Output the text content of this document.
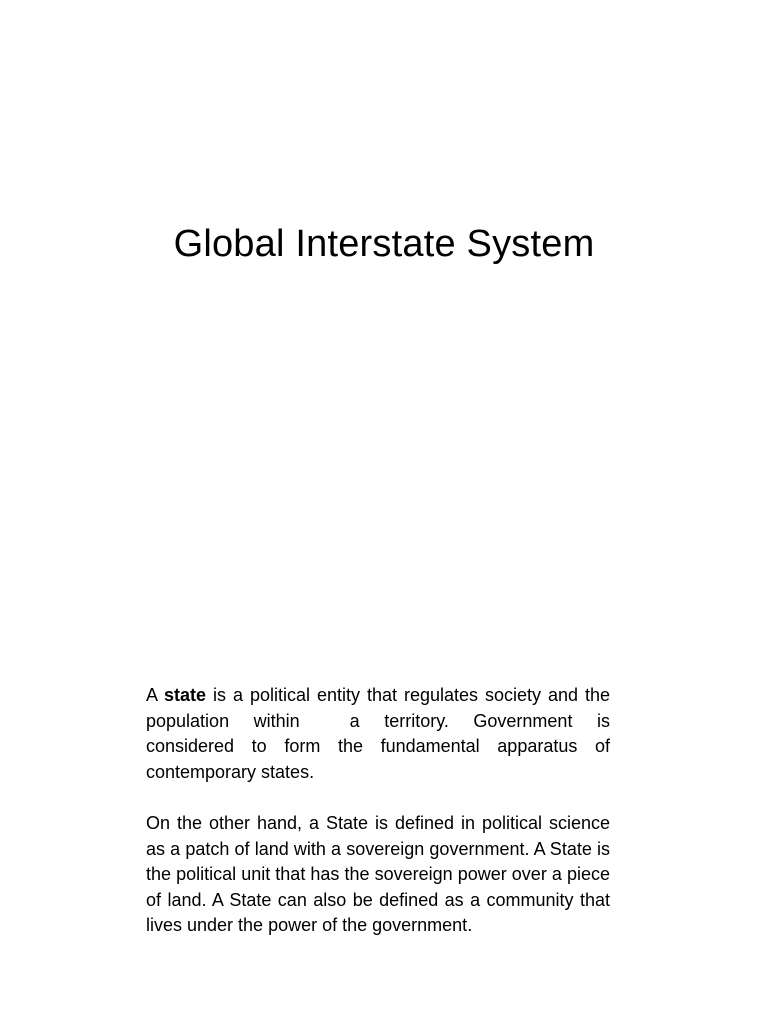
Global Interstate System

A state is a political entity that regulates society and the population within	a territory. Government is considered to form the fundamental apparatus of contemporary states.

On the other hand, a State is defined in political science as a patch of land with a sovereign government. A State is the political unit that has the sovereign power over a piece of land. A State can also be defined as a community that lives under the power of the government.
